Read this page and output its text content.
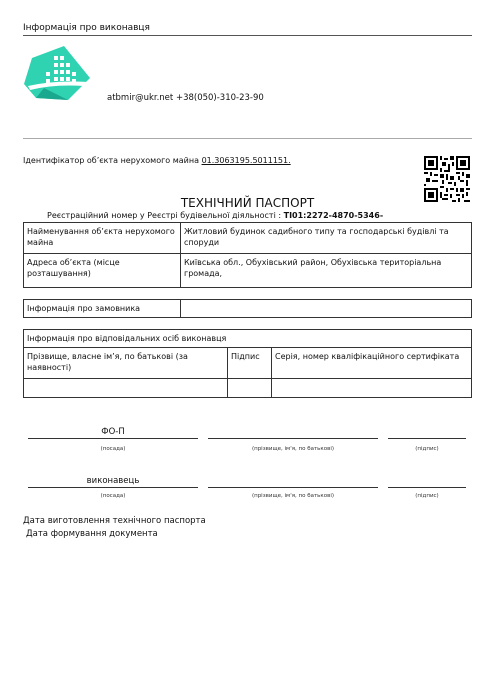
Інформація про виконавця
atbmir@ukr.net +38(050)-310-23-90
Ідентифікатор об’єкта нерухомого майна 01.3063195.5011151.
ТЕХНІЧНИЙ ПАСПОРТ
Реєстраційний номер у Реєстрі будівельної діяльності : ТІ01:2272-4870-5346-
Найменування об’єкта нерухомого майна	Житловий будинок садибного типу та господарські будівлі та споруди
Адреса об’єкта (місце розташування)	Київська обл., Обухівський район, Обухівська територіальна громада,
Інформація про замовника	
Інформація про відповідальних осіб виконавця		
Прізвище, власне ім’я, по батькові (за наявності)	Підпис	Серія, номер кваліфікаційного сертифіката

ФО-П
(посада)	(прізвище, ім'я, по батькові)	(підпис)
виконавець
(посада)	(прізвище, ім'я, по батькові)	(підпис)
Дата виготовлення технічного паспорта
Дата формування документа
